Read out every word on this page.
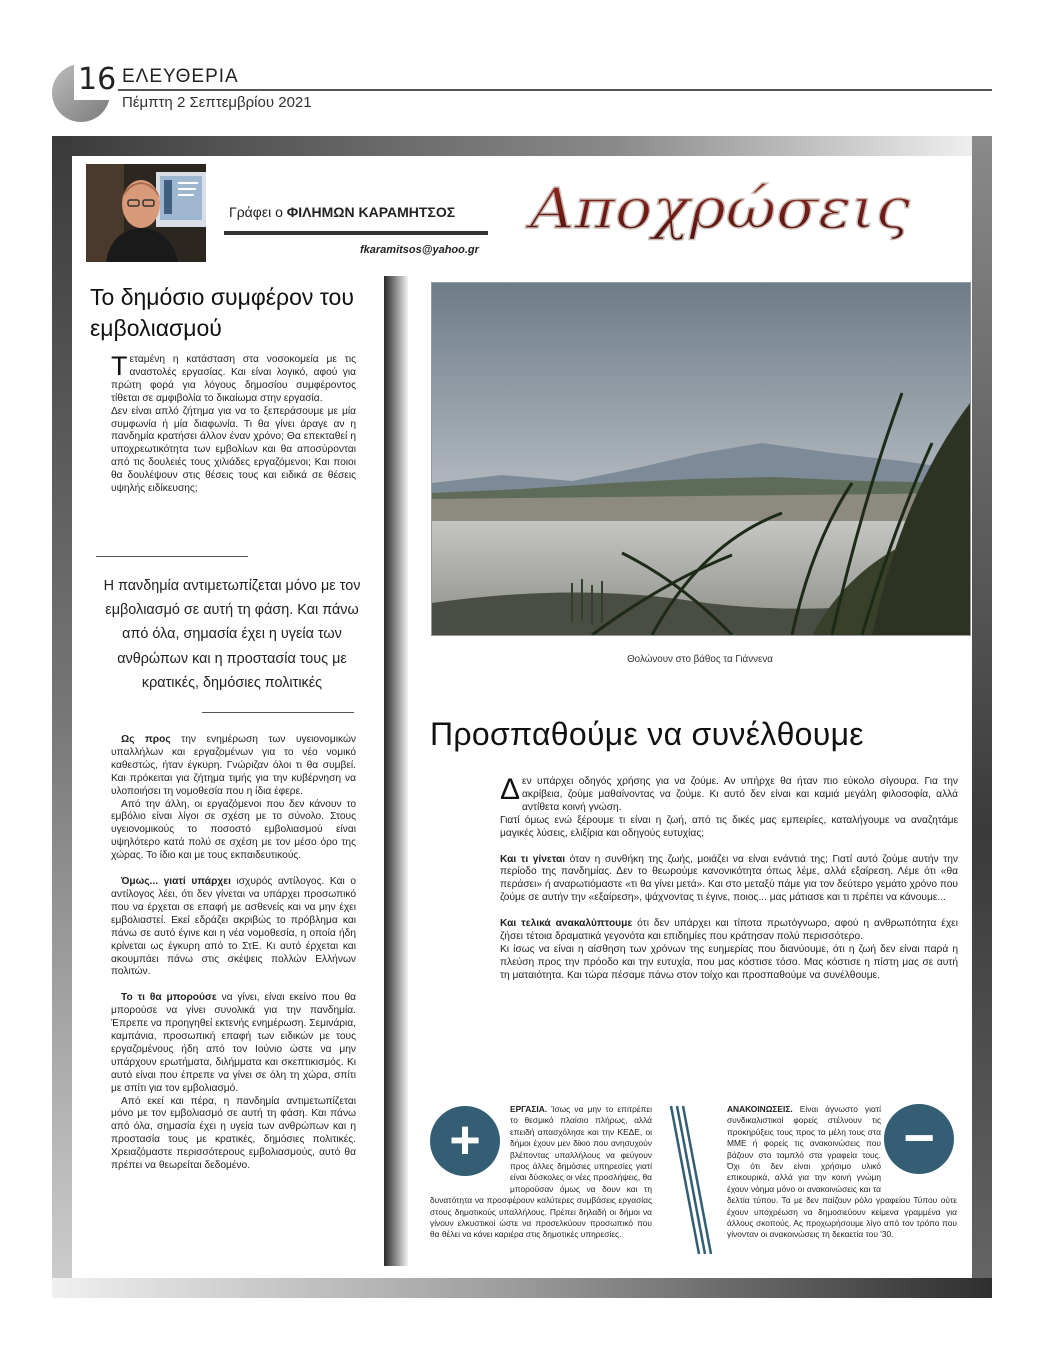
16 ΕΛΕΥΘΕΡΙΑ
Πέμπτη 2 Σεπτεμβρίου 2021
Γράφει ο ΦΙΛΗΜΩΝ ΚΑΡΑΜΗΤΣΟΣ
fkaramitsos@yahoo.gr
Αποχρώσεις
Το δημόσιο συμφέρον του εμβολιασμού
Τεταμένη η κατάσταση στα νοσοκομεία με τις αναστολές εργασίας. Και είναι λογικό, αφού για πρώτη φορά για λόγους δημοσίου συμφέροντος τίθεται σε αμφιβολία το δικαίωμα στην εργασία.

Δεν είναι απλό ζήτημα για να το ξεπεράσουμε με μία συμφωνία ή μία διαφωνία. Τι θα γίνει άραγε αν η πανδημία κρατήσει άλλον έναν χρόνο; Θα επεκταθεί η υποχρεωτικότητα των εμβολίων και θα αποσύρονται από τις δουλειές τους χιλιάδες εργαζόμενοι; Και ποιοι θα δουλέψουν στις θέσεις τους και ειδικά σε θέσεις υψηλής ειδίκευσης;

Η πανδημία αντιμετωπίζεται μόνο με τον εμβολιασμό σε αυτή τη φάση. Και πάνω από όλα, σημασία έχει η υγεία των ανθρώπων και η προστασία τους με κρατικές, δημόσιες πολιτικές

Ως προς την ενημέρωση των υγειονομικών υπαλλήλων και εργαζομένων για το νέο νομικό καθεστώς, ήταν έγκυρη. Γνώριζαν όλοι τι θα συμβεί. Και πρόκειται για ζήτημα τιμής για την κυβέρνηση να υλοποιήσει τη νομοθεσία που η ίδια έφερε.

Από την άλλη, οι εργαζόμενοι που δεν κάνουν το εμβόλιο είναι λίγοι σε σχέση με το σύνολο. Στους υγειονομικούς το ποσοστό εμβολιασμού είναι υψηλότερο κατά πολύ σε σχέση με τον μέσο όρο της χώρας. Το ίδιο και με τους εκπαιδευτικούς.

Όμως... γιατί υπάρχει ισχυρός αντίλογος. Και ο αντίλογος λέει, ότι δεν γίνεται να υπάρχει προσωπικό που να έρχεται σε επαφή με ασθενείς και να μην έχει εμβολιαστεί. Εκεί εδράζει ακριβώς το πρόβλημα και πάνω σε αυτό έγινε και η νέα νομοθεσία, η οποία ήδη κρίνεται ως έγκυρη από το ΣτΕ. Κι αυτό έρχεται και ακουμπάει πάνω στις σκέψεις πολλών Ελλήνων πολιτών.

Το τι θα μπορούσε να γίνει, είναι εκείνο που θα μπορούσε να γίνει συνολικά για την πανδημία. Έπρεπε να προηγηθεί εκτενής ενημέρωση. Σεμινάρια, καμπάνια, προσωπική επαφή των ειδικών με τους εργαζομένους ήδη από τον Ιούνιο ώστε να μην υπάρχουν ερωτήματα, διλήμματα και σκεπτικισμός. Κι αυτό είναι που έπρεπε να γίνει σε όλη τη χώρα, σπίτι με σπίτι για τον εμβολιασμό.

Από εκεί και πέρα, η πανδημία αντιμετωπίζεται μόνο με τον εμβολιασμό σε αυτή τη φάση. Και πάνω από όλα, σημασία έχει η υγεία των ανθρώπων και η προστασία τους με κρατικές, δημόσιες πολιτικές. Χρειαζόμαστε περισσότερους εμβολιασμούς, αυτό θα πρέπει να θεωρείται δεδομένο.

Θολώνουν στο βάθος τα Γιάννενα
Προσπαθούμε να συνέλθουμε
Δεν υπάρχει οδηγός χρήσης για να ζούμε. Αν υπήρχε θα ήταν πιο εύκολο σίγουρα. Για την ακρίβεια, ζούμε μαθαίνοντας να ζούμε. Κι αυτό δεν είναι και καμιά μεγάλη φιλοσοφία, αλλά αντίθετα κοινή γνώση.

Γιατί όμως ενώ ξέρουμε τι είναι η ζωή, από τις δικές μας εμπειρίες, καταλήγουμε να αναζητάμε μαγικές λύσεις, ελιξίρια και οδηγούς ευτυχίας;

Και τι γίνεται όταν η συνθήκη της ζωής, μοιάζει να είναι ενάντιά της; Γιατί αυτό ζούμε αυτήν την περίοδο της πανδημίας. Δεν το θεωρούμε κανονικότητα όπως λέμε, αλλά εξαίρεση. Λέμε ότι «θα περάσει» ή αναρωτιόμαστε «τι θα γίνει μετά». Και στο μεταξύ πάμε για τον δεύτερο γεμάτο χρόνο που ζούμε σε αυτήν την «εξαίρεση», ψάχνοντας τι έγινε, ποιος... μας μάτιασε και τι πρέπει να κάνουμε...

Και τελικά ανακαλύπτουμε ότι δεν υπάρχει και τίποτα πρωτόγνωρο, αφού η ανθρωπότητα έχει ζήσει τέτοια δραματικά γεγονότα και επιδημίες που κράτησαν πολύ περισσότερο.

Κι ίσως να είναι η αίσθηση των χρόνων της ευημερίας που διανύουμε, ότι η ζωή δεν είναι παρά η πλεύση προς την πρόοδο και την ευτυχία, που μας κόστισε τόσο. Μας κόστισε η πίστη μας σε αυτή τη ματαιότητα. Και τώρα πέσαμε πάνω στον τοίχο και προσπαθούμε να συνέλθουμε.

+

ΕΡΓΑΣΙΑ. Ίσως να μην το επιτρέπει το θεσμικό πλαίσιο πλήρως, αλλά επειδή απασχόλησε και την ΚΕΔΕ, οι δήμοι έχουν μεν δίκιο που ανησυχούν βλέποντας υπαλλήλους να φεύγουν προς άλλες δημόσιες υπηρεσίες γιατί είναι δύσκολες οι νέες προσλήψεις, θα μπορούσαν όμως να δουν και τη δυνατότητα να προσφέρουν καλύτερες συμβάσεις εργασίας στους δημοτικούς υπαλλήλους. Πρέπει δηλαδή οι δήμοι να γίνουν ελκυστικοί ώστε να προσελκύουν προσωπικό που θα θέλει να κάνει καριέρα στις δημοτικές υπηρεσίες.

−

ΑΝΑΚΟΙΝΩΣΕΙΣ. Είναι άγνωστο γιατί συνδικαλιστικοί φορείς στέλνουν τις προκηρύξεις τους προς τα μέλη τους στα ΜΜΕ ή φορείς τις ανακοινώσεις που βάζουν στο ταμπλό στα γραφεία τους. Όχι ότι δεν είναι χρήσιμο υλικό επικουρικά, αλλά για την κοινή γνώμη έχουν νόημα μόνο οι ανακοινώσεις και τα δελτία τύπου. Τα με δεν παίζουν ρόλο γραφείου Τύπου ούτε έχουν υποχρέωση να δημοσιεύουν κείμενα γραμμένα για άλλους σκοπούς. Ας προχωρήσουμε λίγο από τον τρόπο που γίνονταν οι ανακοινώσεις τη δεκαετία του '30.
